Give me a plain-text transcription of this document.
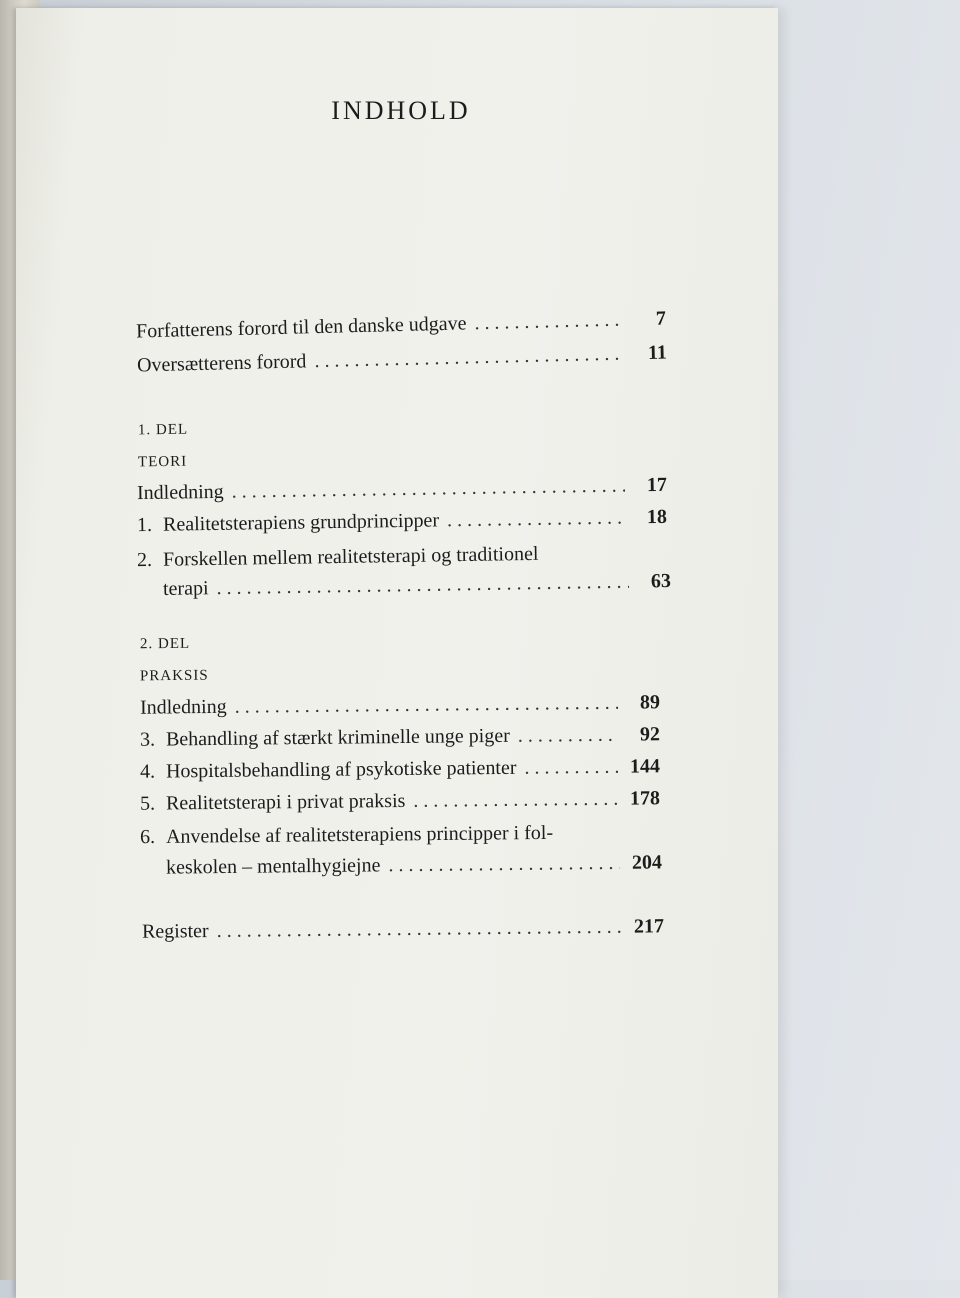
INDHOLD
Forfatterens forord til den danske udgave . . .	7
Oversætterens forord . . .	11
1. DEL
TEORI
Indledning . . .	17
1. Realitetsterapiens grundprincipper . . .	18
2. Forskellen mellem realitetsterapi og traditionel
terapi . . .	63
2. DEL
PRAKSIS
Indledning . . .	89
3. Behandling af stærkt kriminelle unge piger . . .	92
4. Hospitalsbehandling af psykotiske patienter . . .	144
5. Realitetsterapi i privat praksis . . .	178
6. Anvendelse af realitetsterapiens principper i fol-
keskolen – mentalhygiejne . . .	204
Register . . .	217
